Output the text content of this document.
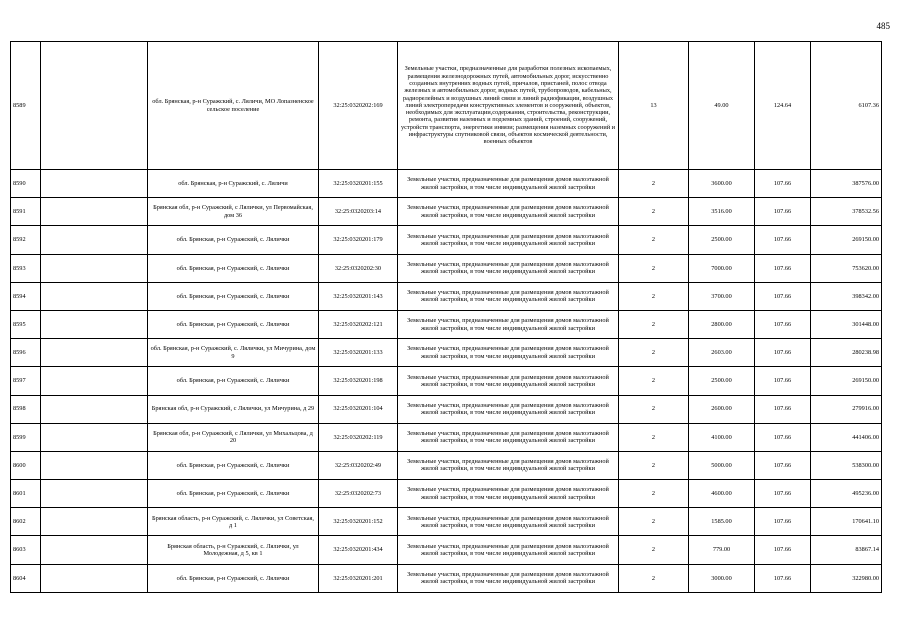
485
8589		обл. Брянская, р-н Суражский, с. Ляличи, МО Лопазненское сельское поселение	32:25:0320202:169	Земельные участки, предназначенные для разработки полезных ископаемых, размещения железнодорожных путей, автомобильных дорог, искусственно созданных внутренних водных путей, причалов, пристаней, полос отвода железных и автомобильных дорог, водных путей, трубопроводов, кабельных, радиорелейных и воздушных линий связи и линий радиофикации, воздушных линий электропередачи конструктивных элементов и сооружений, объектов, необходимых для эксплуатации,содержания, строительства, реконструкции, ремонта, развития наземных и подземных зданий, строений, сооружений, устройств транспорта, энергетики инвязи; размещения наземных сооружений и инфраструктуры спутниковой связи, объектов космической деятельности, военных объектов	13	49.00	124.64	6107.36
8590		обл. Брянская, р-н Суражский, с. Ляличи	32:25:0320201:155	Земельные участки, предназначенные для размещения домов малоэтажной жилой застройки, в том числе индивидуальной жилой застройки	2	3600.00	107.66	387576.00
8591		Брянская обл, р-н Суражский, с Лялички, ул Первомайская, дом 36	32:25:0320203:14	Земельные участки, предназначенные для размещения домов малоэтажной жилой застройки, в том числе индивидуальной жилой застройки	2	3516.00	107.66	378532.56
8592		обл. Брянская, р-н Суражский, с. Лялички	32:25:0320201:179	Земельные участки, предназначенные для размещения домов малоэтажной жилой застройки, в том числе индивидуальной жилой застройки	2	2500.00	107.66	269150.00
8593		обл. Брянская, р-н Суражский, с. Лялички	32:25:0320202:30	Земельные участки, предназначенные для размещения домов малоэтажной жилой застройки, в том числе индивидуальной жилой застройки	2	7000.00	107.66	753620.00
8594		обл. Брянская, р-н Суражский, с. Лялички	32:25:0320201:143	Земельные участки, предназначенные для размещения домов малоэтажной жилой застройки, в том числе индивидуальной жилой застройки	2	3700.00	107.66	398342.00
8595		обл. Брянская, р-н Суражский, с. Лялички	32:25:0320202:121	Земельные участки, предназначенные для размещения домов малоэтажной жилой застройки, в том числе индивидуальной жилой застройки	2	2800.00	107.66	301448.00
8596		обл. Брянская, р-н Суражский, с. Лялички, ул Мичурина, дом 9	32:25:0320201:133	Земельные участки, предназначенные для размещения домов малоэтажной жилой застройки, в том числе индивидуальной жилой застройки	2	2603.00	107.66	280238.98
8597		обл. Брянская, р-н Суражский, с. Лялички	32:25:0320201:198	Земельные участки, предназначенные для размещения домов малоэтажной жилой застройки, в том числе индивидуальной жилой застройки	2	2500.00	107.66	269150.00
8598		Брянская обл, р-н Суражский, с Лялички, ул Мичурина, д 29	32:25:0320201:104	Земельные участки, предназначенные для размещения домов малоэтажной жилой застройки, в том числе индивидуальной жилой застройки	2	2600.00	107.66	279916.00
8599		Брянская обл, р-н Суражский, с Лялички, ул Михальцова, д 20	32:25:0320202:119	Земельные участки, предназначенные для размещения домов малоэтажной жилой застройки, в том числе индивидуальной жилой застройки	2	4100.00	107.66	441406.00
8600		обл. Брянская, р-н Суражский, с. Лялички	32:25:0320202:49	Земельные участки, предназначенные для размещения домов малоэтажной жилой застройки, в том числе индивидуальной жилой застройки	2	5000.00	107.66	538300.00
8601		обл. Брянская, р-н Суражский, с. Лялички	32:25:0320202:73	Земельные участки, предназначенные для размещения домов малоэтажной жилой застройки, в том числе индивидуальной жилой застройки	2	4600.00	107.66	495236.00
8602		Брянская область, р-н Суражский, с. Лялички, ул Советская, д 1	32:25:0320201:152	Земельные участки, предназначенные для размещения домов малоэтажной жилой застройки, в том числе индивидуальной жилой застройки	2	1585.00	107.66	170641.10
8603		Брянская область, р-н Суражский, с. Лялички, ул Молодежная, д 5, кв 1	32:25:0320201:434	Земельные участки, предназначенные для размещения домов малоэтажной жилой застройки, в том числе индивидуальной жилой застройки	2	779.00	107.66	83867.14
8604		обл. Брянская, р-н Суражский, с. Лялички	32:25:0320201:201	Земельные участки, предназначенные для размещения домов малоэтажной жилой застройки, в том числе индивидуальной жилой застройки	2	3000.00	107.66	322980.00
